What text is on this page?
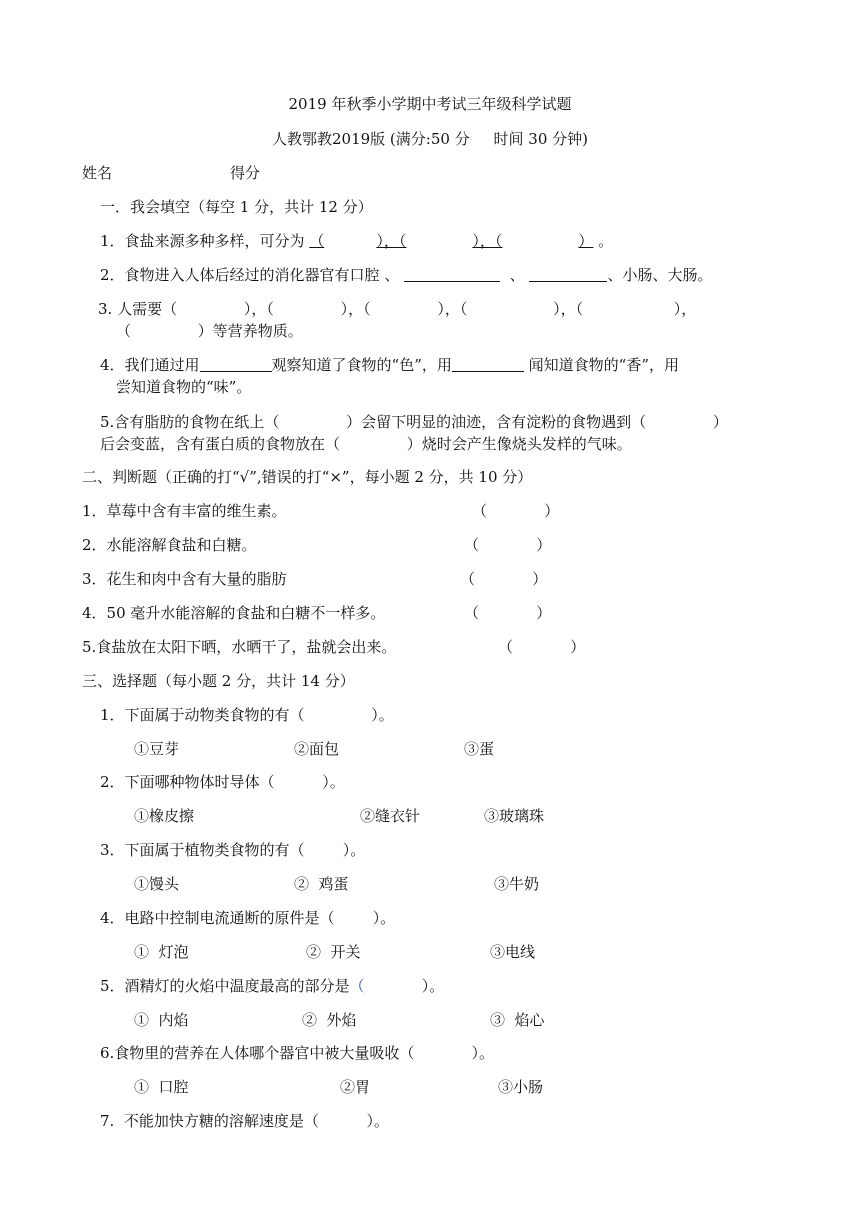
2019 年秋季小学期中考试三年级科学试题
人教鄂教2019版 (满分:50 分     时间 30 分钟)
姓名	得分
一．我会填空（每空 1 分，共计 12 分）
1．食盐来源多种多样，可分为 （	），（	），（	） 。
2．食物进入人体后经过的消化器官有口腔 、	、	、小肠、大肠。
3. 人需要（              ），（              ），（              ），（                  ），（                   ），
（              ）等营养物质。
4．我们通过用	观察知道了食物的“色”，用	闻知道食物的“香”，用
尝知道食物的“味”。
5.含有脂肪的食物在纸上（              ）会留下明显的油迹，含有淀粉的食物遇到（              ）
后会变蓝，含有蛋白质的食物放在（              ）烧时会产生像烧头发样的气味。
二、判断题（正确的打“√”,错误的打“×”，每小题 2 分，共 10 分）
1．草莓中含有丰富的维生素。	（            ）
2．水能溶解食盐和白糖。	（            ）
3．花生和肉中含有大量的脂肪	（            ）
4．50 毫升水能溶解的食盐和白糖不一样多。	（            ）
5.食盐放在太阳下晒，水晒干了，盐就会出来。	（            ）
三、选择题（每小题 2 分，共计 14 分）
1．下面属于动物类食物的有（              ）。
①豆芽	②面包	③蛋
2．下面哪种物体时导体（          ）。
①橡皮擦	②缝衣针	③玻璃珠
3．下面属于植物类食物的有（        ）。
①馒头	②  鸡蛋	③牛奶
4．电路中控制电流通断的原件是（        ）。
①  灯泡	②  开关	③电线
5．酒精灯的火焰中温度最高的部分是（            ）。
①  内焰	②  外焰	③  焰心
6.食物里的营养在人体哪个器官中被大量吸收（            ）。
①  口腔	②胃	③小肠
7.  不能加快方糖的溶解速度是（          ）。
